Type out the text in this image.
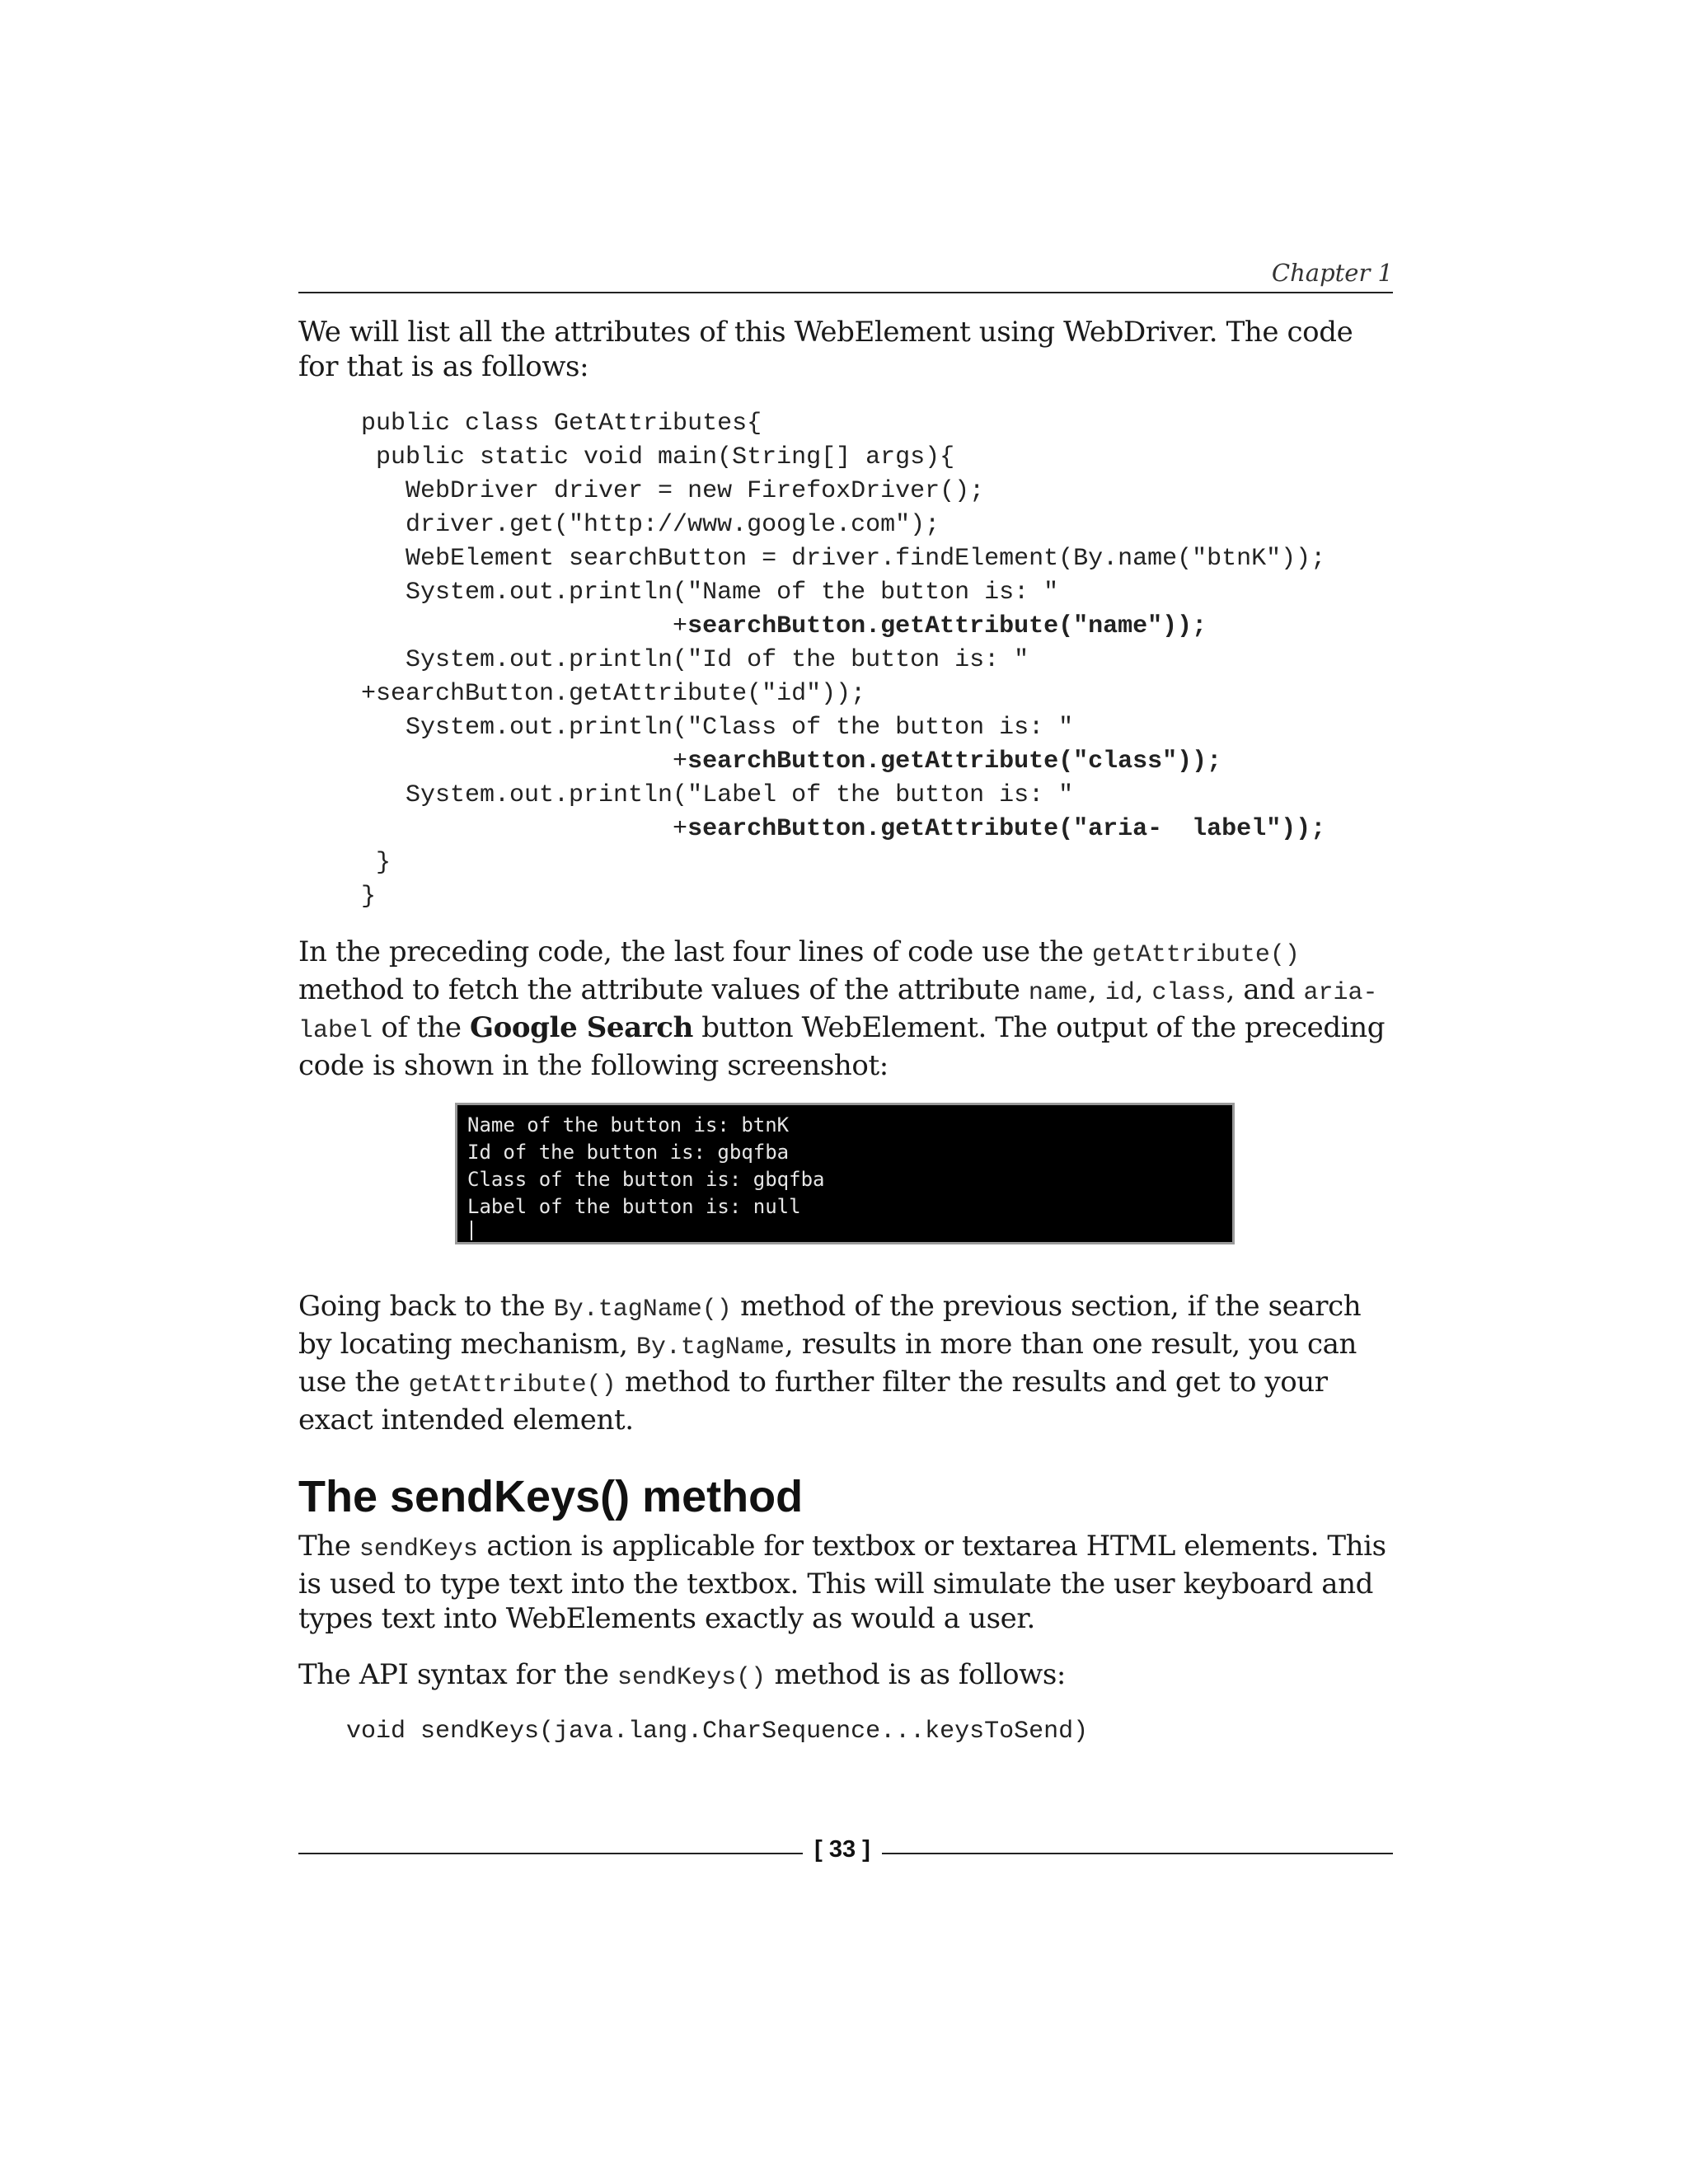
Chapter 1

We will list all the attributes of this WebElement using WebDriver. The code for that is as follows:

public class GetAttributes{
public static void main(String[] args){
WebDriver driver = new FirefoxDriver();
driver.get("http://www.google.com");
WebElement searchButton = driver.findElement(By.name("btnK"));
System.out.println("Name of the button is: "
+searchButton.getAttribute("name"));
System.out.println("Id of the button is: "
+searchButton.getAttribute("id"));
System.out.println("Class of the button is: "
+searchButton.getAttribute("class"));
System.out.println("Label of the button is: "
+searchButton.getAttribute("aria-  label"));
}
}

In the preceding code, the last four lines of code use the getAttribute() method to fetch the attribute values of the attribute name, id, class, and aria-label of the Google Search button WebElement. The output of the preceding code is shown in the following screenshot:

Name of the button is: btnK
Id of the button is: gbqfba
Class of the button is: gbqfba
Label of the button is: null

Going back to the By.tagName() method of the previous section, if the search by locating mechanism, By.tagName, results in more than one result, you can use the getAttribute() method to further filter the results and get to your exact intended element.

The sendKeys() method

The sendKeys action is applicable for textbox or textarea HTML elements. This is used to type text into the textbox. This will simulate the user keyboard and types text into WebElements exactly as would a user.

The API syntax for the sendKeys() method is as follows:

void sendKeys(java.lang.CharSequence...keysToSend)
[ 33 ]
